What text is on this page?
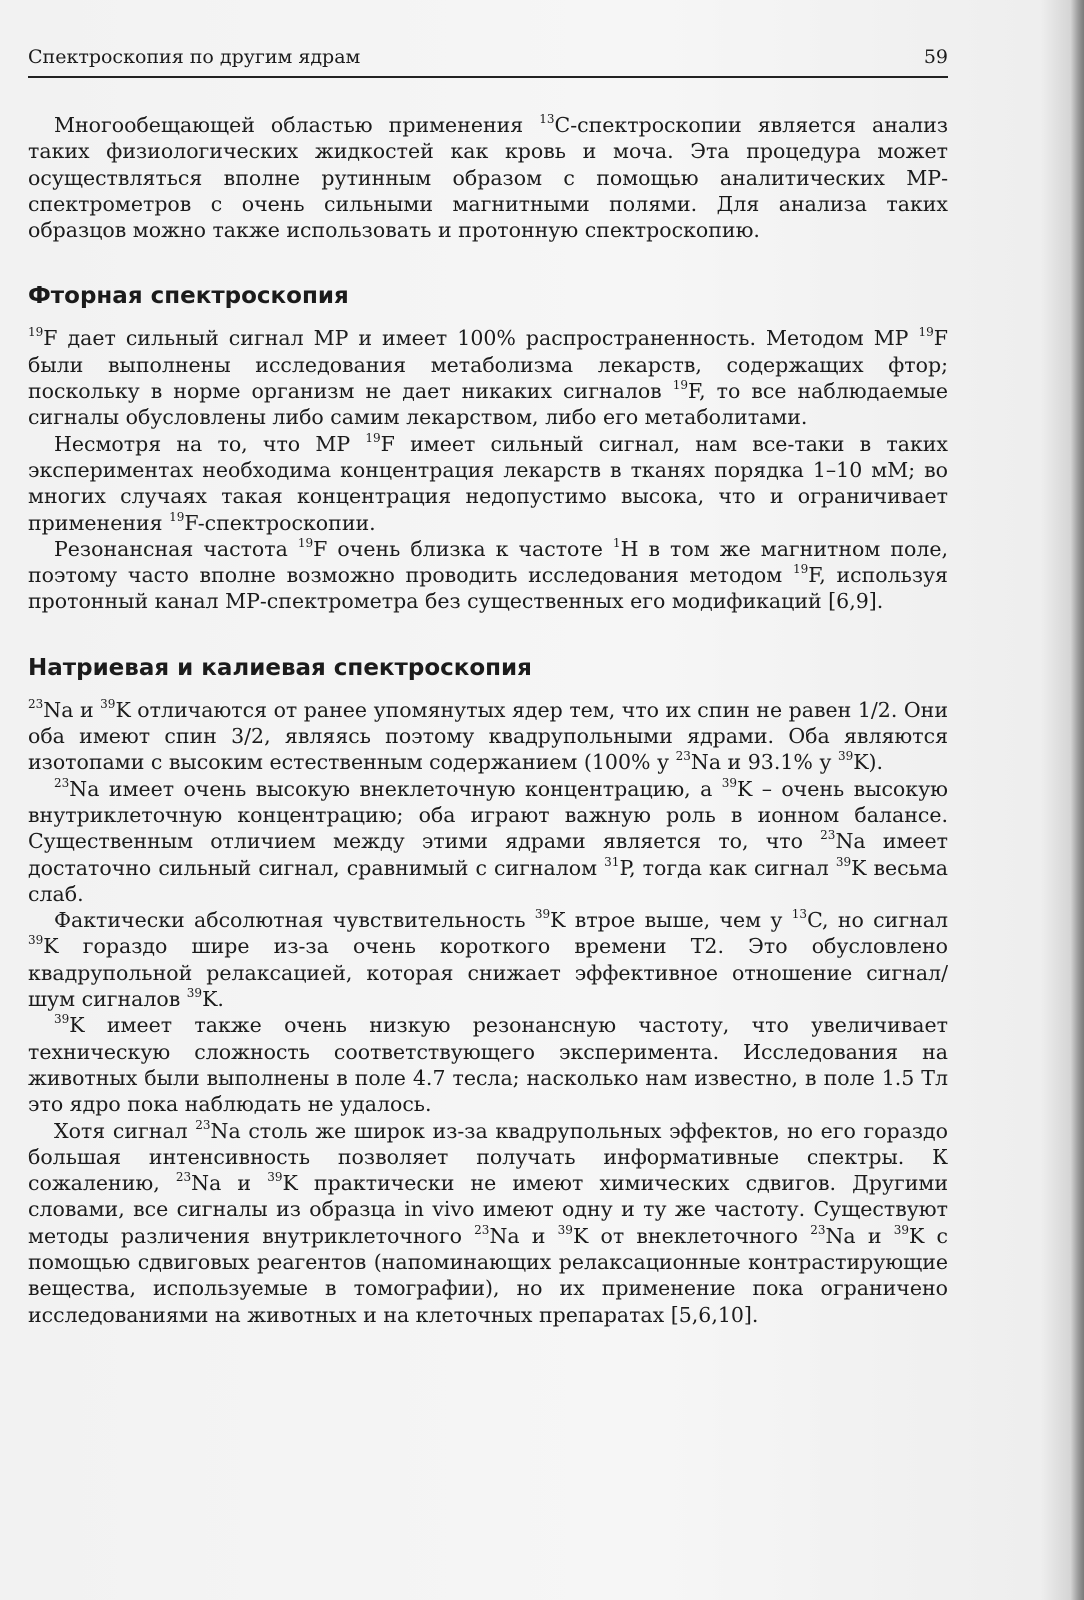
Спектроскопия по другим ядрам	59

Многообещающей областью применения $^{13}$С-спектроскопии является анализ таких физиологических жидкостей как кровь и моча. Эта процедура может осуществляться вполне рутинным образом с помощью аналитических МР-спектрометров с очень сильными магнитными полями. Для анализа таких образцов можно также использовать и протонную спектроскопию.

Фторная спектроскопия

$^{19}$F дает сильный сигнал МР и имеет 100% распространенность. Методом МР $^{19}$F были выполнены исследования метаболизма лекарств, содержащих фтор; поскольку в норме организм не дает никаких сигналов $^{19}$F, то все наблюдаемые сигналы обусловлены либо самим лекарством, либо его метаболитами.

Несмотря на то, что МР $^{19}$F имеет сильный сигнал, нам все-таки в таких экспериментах необходима концентрация лекарств в тканях порядка 1–10 мМ; во многих случаях такая концентрация недопустимо высока, что и ограничивает применения $^{19}$F-спектроскопии.

Резонансная частота $^{19}$F очень близка к частоте $^1$Н в том же магнитном поле, поэтому часто вполне возможно проводить исследования методом $^{19}$F, используя протонный канал МР-спектрометра без существенных его модификаций [6,9].

Натриевая и калиевая спектроскопия

$^{23}$Na и $^{39}$K отличаются от ранее упомянутых ядер тем, что их спин не равен 1/2. Они оба имеют спин 3/2, являясь поэтому квадрупольными ядрами. Оба являются изотопами с высоким естественным содержанием (100% у $^{23}$Na и 93.1% у $^{39}$K).

$^{23}$Na имеет очень высокую внеклеточную концентрацию, а $^{39}$K – очень высокую внутриклеточную концентрацию; оба играют важную роль в ионном балансе. Существенным отличием между этими ядрами является то, что $^{23}$Na имеет достаточно сильный сигнал, сравнимый с сигналом $^{31}$P, тогда как сигнал $^{39}$K весьма слаб.

Фактически абсолютная чувствительность $^{39}$K втрое выше, чем у $^{13}$C, но сигнал $^{39}$K гораздо шире из-за очень короткого времени T2. Это обусловлено квадрупольной релаксацией, которая снижает эффективное отношение сигнал/шум сигналов $^{39}$K.

$^{39}$K имеет также очень низкую резонансную частоту, что увеличивает техническую сложность соответствующего эксперимента. Исследования на животных были выполнены в поле 4.7 тесла; насколько нам известно, в поле 1.5 Тл это ядро пока наблюдать не удалось.

Хотя сигнал $^{23}$Na столь же широк из-за квадрупольных эффектов, но его гораздо большая интенсивность позволяет получать информативные спектры. К сожалению, $^{23}$Na и $^{39}$K практически не имеют химических сдвигов. Другими словами, все сигналы из образца in vivo имеют одну и ту же частоту. Существуют методы различения внутриклеточного $^{23}$Na и $^{39}$K от внеклеточного $^{23}$Na и $^{39}$K с помощью сдвиговых реагентов (напоминающих релаксационные контрастирующие вещества, используемые в томографии), но их применение пока ограничено исследованиями на животных и на клеточных препаратах [5,6,10].
